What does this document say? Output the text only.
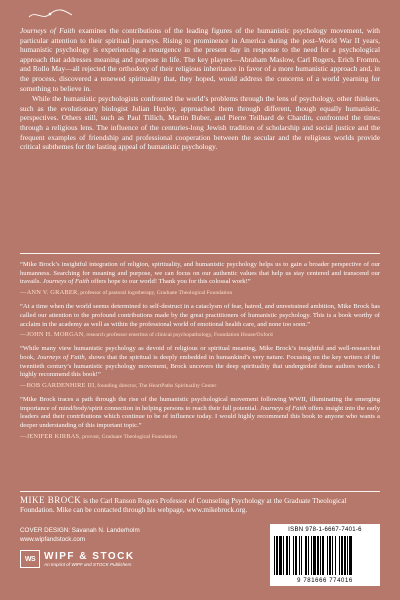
Journeys of Faith examines the contributions of the leading figures of the humanistic psychology movement, with particular attention to their spiritual journeys. Rising to prominence in America during the post–World War II years, humanistic psychology is experiencing a resurgence in the present day in response to the need for a psychological approach that addresses meaning and purpose in life. The key players—Abraham Maslow, Carl Rogers, Erich Fromm, and Rollo May—all rejected the orthodoxy of their religious inheritance in favor of a more humanistic approach and, in the process, discovered a renewed spirituality that, they hoped, would address the concerns of a world yearning for something to believe in.

While the humanistic psychologists confronted the world’s problems through the lens of psychology, other thinkers, such as the evolutionary biologist Julian Huxley, approached them through different, though equally humanistic, perspectives. Others still, such as Paul Tillich, Martin Buber, and Pierre Teilhard de Chardin, confronted the times through a religious lens. The influence of the centuries-long Jewish tradition of scholarship and social justice and the frequent examples of friendship and professional cooperation between the secular and the religious worlds provide critical subthemes for the lasting appeal of humanistic psychology.

“Mike Brock’s insightful integration of religion, spirituality, and humanistic psychology helps us to gain a broader perspective of our humanness. Searching for meaning and purpose, we can focus on our authentic values that help us stay centered and transcend our travails. Journeys of Faith offers hope to our world! Thank you for this colossal work!”

—ANN V. GRABER, professor of pastoral logotherapy, Graduate Theological Foundation

“At a time when the world seems determined to self-destruct in a cataclysm of fear, hatred, and unrestrained ambition, Mike Brock has called our attention to the profound contributions made by the great practitioners of humanistic psychology. This is a book worthy of acclaim in the academy as well as within the professional world of emotional health care, and none too soon.”

—JOHN H. MORGAN, research professor emeritus of clinical psychopathology, Foundation House/Oxford

“While many view humanistic psychology as devoid of religious or spiritual meaning, Mike Brock’s insightful and well-researched book, Journeys of Faith, shows that the spiritual is deeply embedded in humankind’s very nature. Focusing on the key writers of the twentieth century’s humanistic psychology movement, Brock uncovers the deep spirituality that undergirded these authors works. I highly recommend this book!”

—BOB GARDENHIRE III, founding director, The HeartPaths Spirituality Center

“Mike Brock traces a path through the rise of the humanistic psychological movement following WWII, illuminating the emerging importance of mind/body/spirit connection in helping persons to reach their full potential. Journeys of Faith offers insight into the early leaders and their contributions which continue to be of influence today. I would highly recommend this book to anyone who wants a deeper understanding of this important topic.”

—JENIFER KIRBAS, provost, Graduate Theological Foundation

MIKE BROCK is the Carl Ranson Rogers Professor of Counseling Psychology at the Graduate Theological Foundation. Mike can be contacted through his webpage, www.mikebrock.org.
COVER DESIGN: Savanah N. Landerholm
www.wipfandstock.com
WS WIPF & STOCK
An Imprint of WIPF and STOCK Publishers
ISBN 978-1-6667-7401-6
9 781666 774016
